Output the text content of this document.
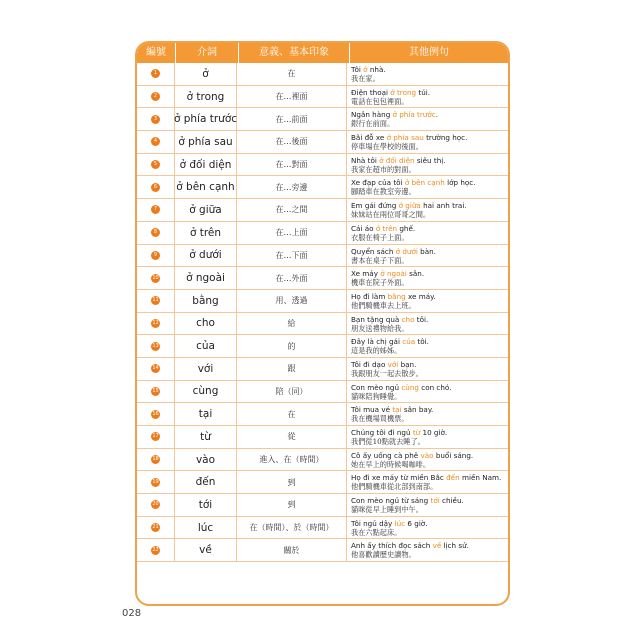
編號	介詞	意義、基本印象	其他例句
1	ở	在	Tôi ở nhà.
我在家。
2	ở trong	在…裡面	Điện thoại ở trong túi.
電話在包包裡面。
3 ở phía trước	在…前面	Ngân hàng ở phía trước.
銀行在前面。
4	ở phía sau	在…後面	Bãi đỗ xe ở phía sau trường học.
停車場在學校的後面。
5	ở đối diện	在…對面	Nhà tôi ở đối diện siêu thị.
我家在超市的對面。
6 ở bên cạnh	在…旁邊	Xe đạp của tôi ở bên cạnh lớp học.
腳踏車在教室旁邊。
7	ở giữa	在…之間	Em gái đứng ở giữa hai anh trai.
妹妹站在兩位哥哥之間。
8	ở trên	在…上面	Cái áo ở trên ghế.
衣服在椅子上面。
9	ở dưới	在…下面	Quyển sách ở dưới bàn.
書本在桌子下面。
10	ở ngoài	在…外面	Xe máy ở ngoài sân.
機車在院子外面。
11	bằng	用、透過	Họ đi làm bằng xe máy.
他們騎機車去上班。
12	cho	給	Bạn tặng quà cho tôi.
朋友送禮物給我。
13	của	的	Đây là chị gái của tôi.
這是我的姊姊。
14	với	跟	Tôi đi dạo với bạn.
我跟朋友一起去散步。
15	cùng	陪（同）	Con mèo ngủ cùng con chó.
貓咪陪狗睡覺。
16	tại	在	Tôi mua vé tại sân bay.
我在機場買機票。
17	từ	從	Chúng tôi đi ngủ từ 10 giờ.
我們從10點就去睡了。
18	vào	進入、在（時間）	Cô ấy uống cà phê vào buổi sáng.
她在早上的時候喝咖啡。
19	đến	到	Họ đi xe máy từ miền Bắc đến miền Nam.
他們騎機車從北部到南部。
20	tới	到	Con mèo ngủ từ sáng tới chiều.
貓咪從早上睡到中午。
21	lúc	在（時間）、於（時間）	Tôi ngủ dậy lúc 6 giờ.
我在六點起床。
22	về	關於	Anh ấy thích đọc sách về lịch sử.
他喜歡讀歷史讀物。
028
